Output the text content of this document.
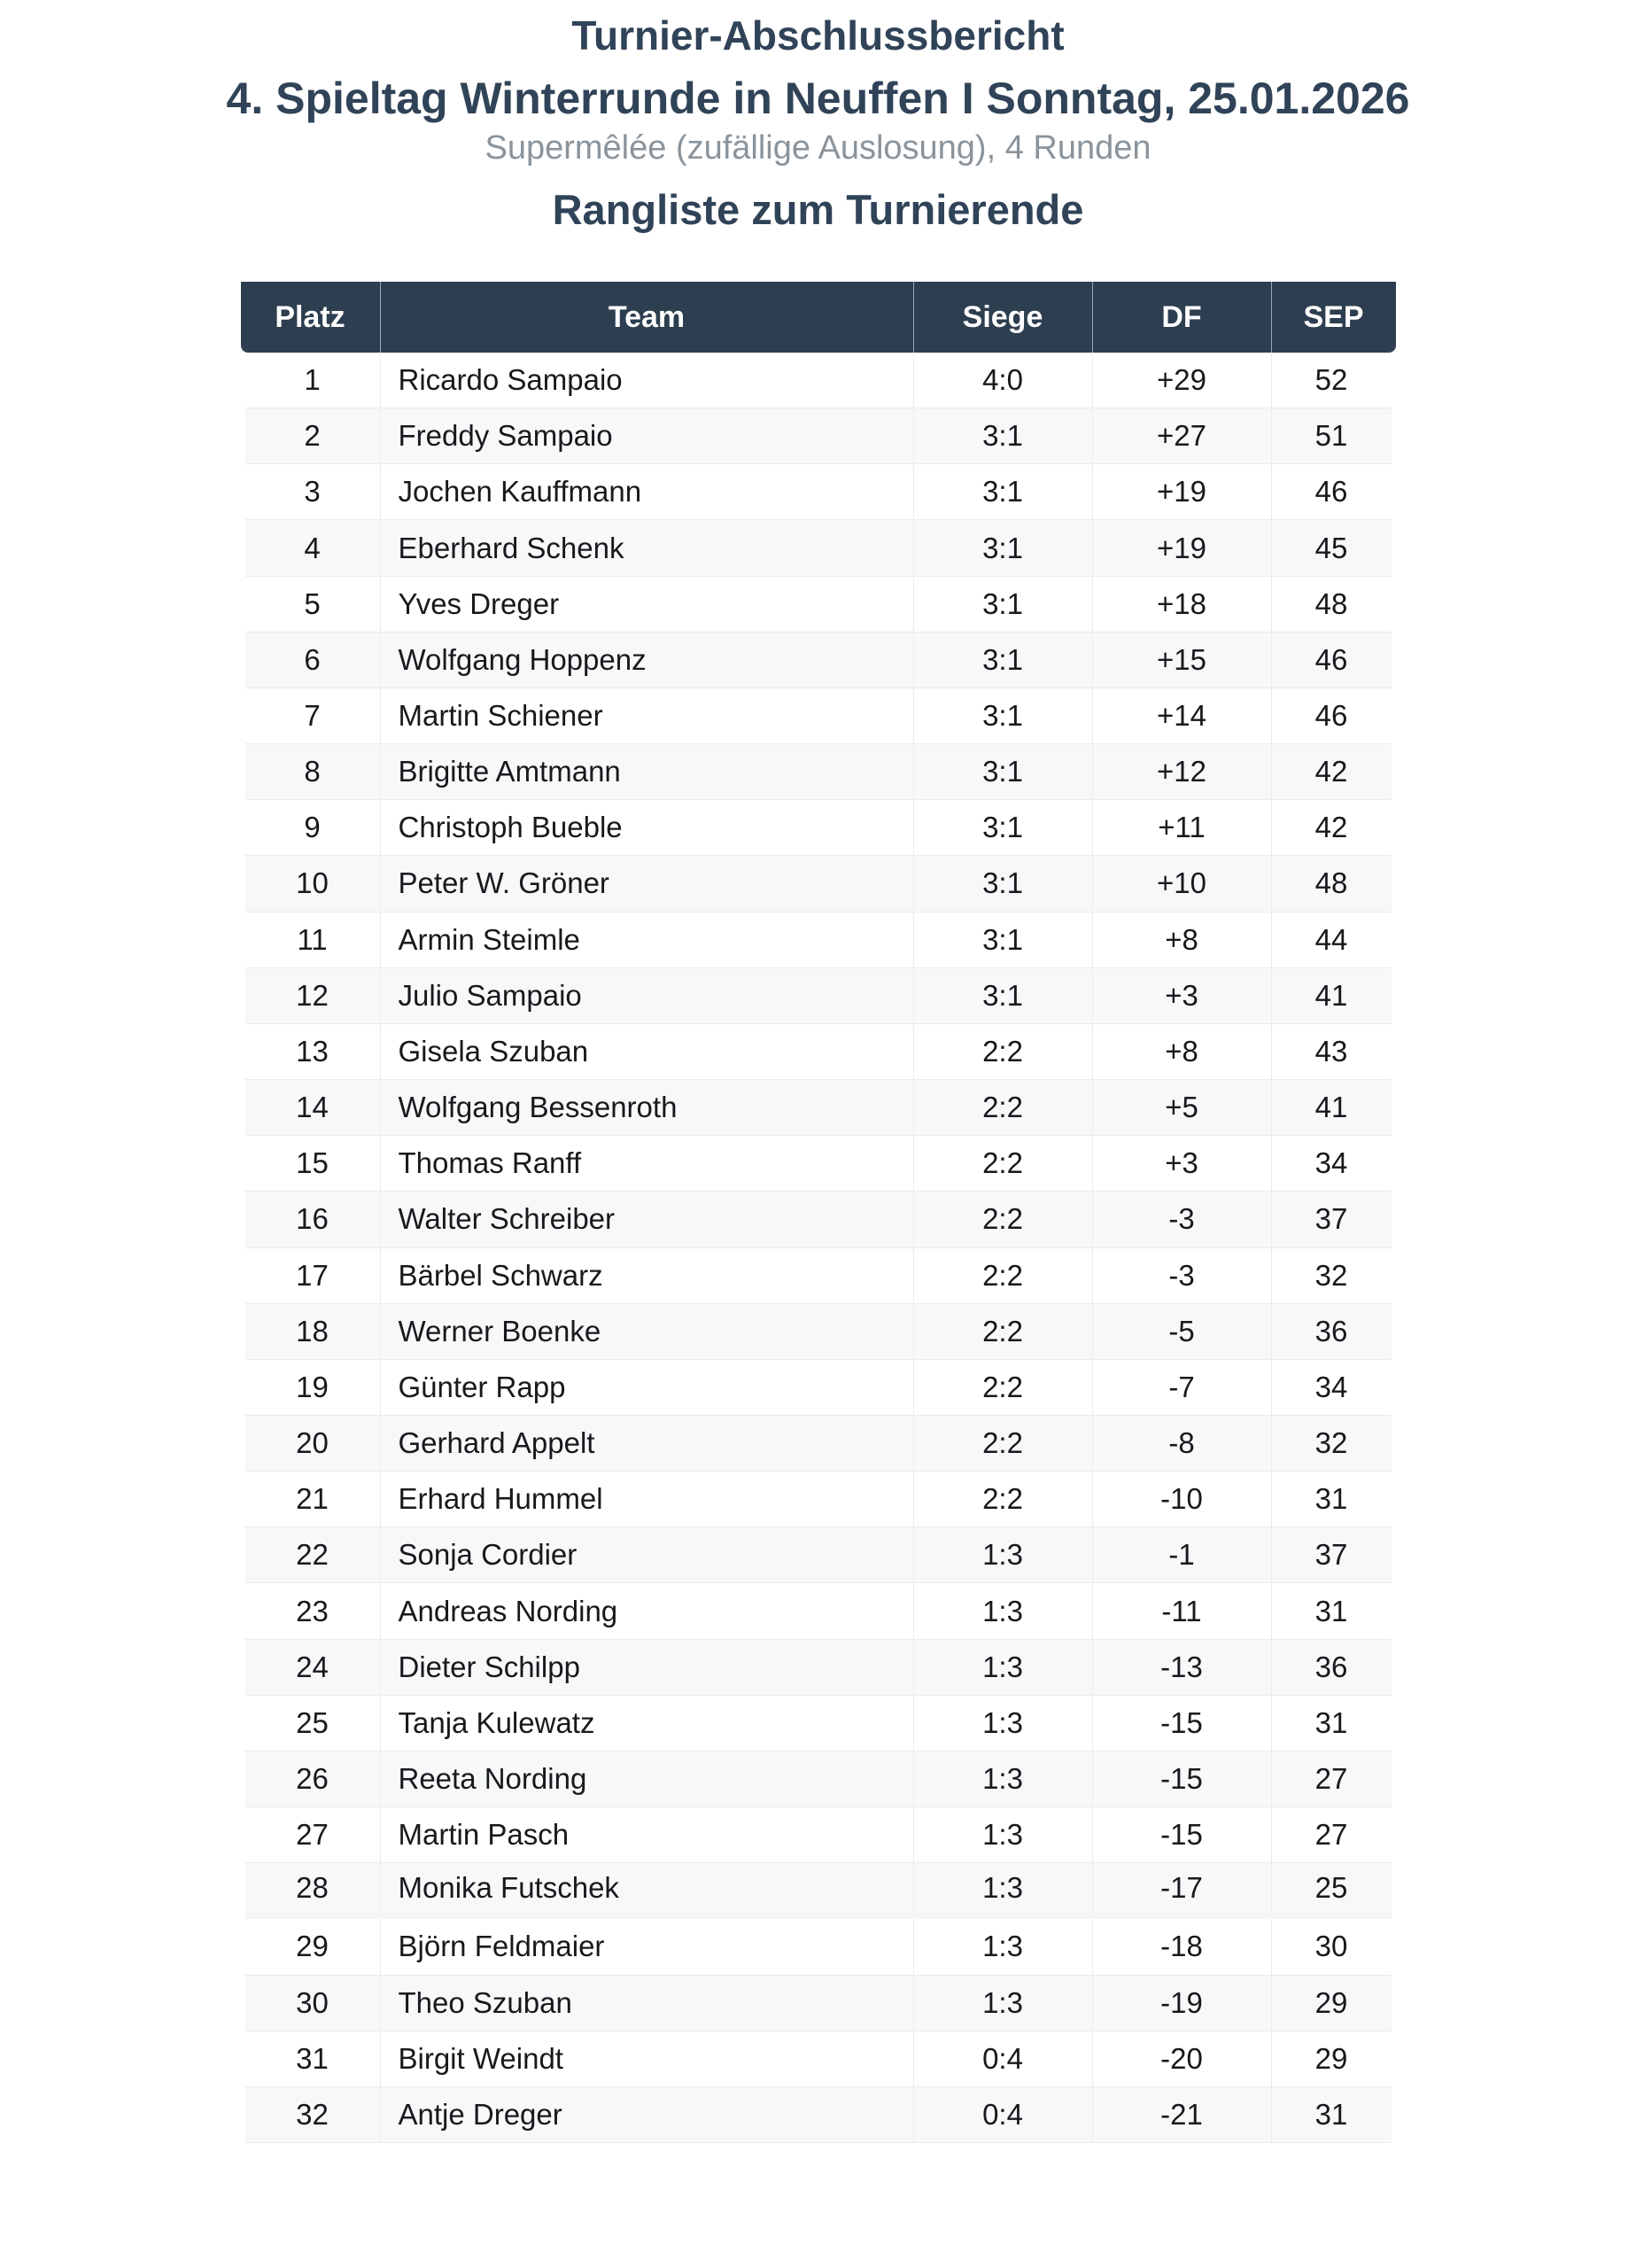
Turnier-Abschlussbericht
4. Spieltag Winterrunde in Neuffen I Sonntag, 25.01.2026
Supermêlée (zufällige Auslosung), 4 Runden
Rangliste zum Turnierende
Platz	Team	Siege	DF	SEP
1	Ricardo Sampaio	4:0	+29	52
2	Freddy Sampaio	3:1	+27	51
3	Jochen Kauffmann	3:1	+19	46
4	Eberhard Schenk	3:1	+19	45
5	Yves Dreger	3:1	+18	48
6	Wolfgang Hoppenz	3:1	+15	46
7	Martin Schiener	3:1	+14	46
8	Brigitte Amtmann	3:1	+12	42
9	Christoph Bueble	3:1	+11	42
10	Peter W. Gröner	3:1	+10	48
11	Armin Steimle	3:1	+8	44
12	Julio Sampaio	3:1	+3	41
13	Gisela Szuban	2:2	+8	43
14	Wolfgang Bessenroth	2:2	+5	41
15	Thomas Ranff	2:2	+3	34
16	Walter Schreiber	2:2	-3	37
17	Bärbel Schwarz	2:2	-3	32
18	Werner Boenke	2:2	-5	36
19	Günter Rapp	2:2	-7	34
20	Gerhard Appelt	2:2	-8	32
21	Erhard Hummel	2:2	-10	31
22	Sonja Cordier	1:3	-1	37
23	Andreas Nording	1:3	-11	31
24	Dieter Schilpp	1:3	-13	36
25	Tanja Kulewatz	1:3	-15	31
26	Reeta Nording	1:3	-15	27
27	Martin Pasch	1:3	-15	27
28	Monika Futschek	1:3	-17	25
29	Björn Feldmaier	1:3	-18	30
30	Theo Szuban	1:3	-19	29
31	Birgit Weindt	0:4	-20	29
32	Antje Dreger	0:4	-21	31
